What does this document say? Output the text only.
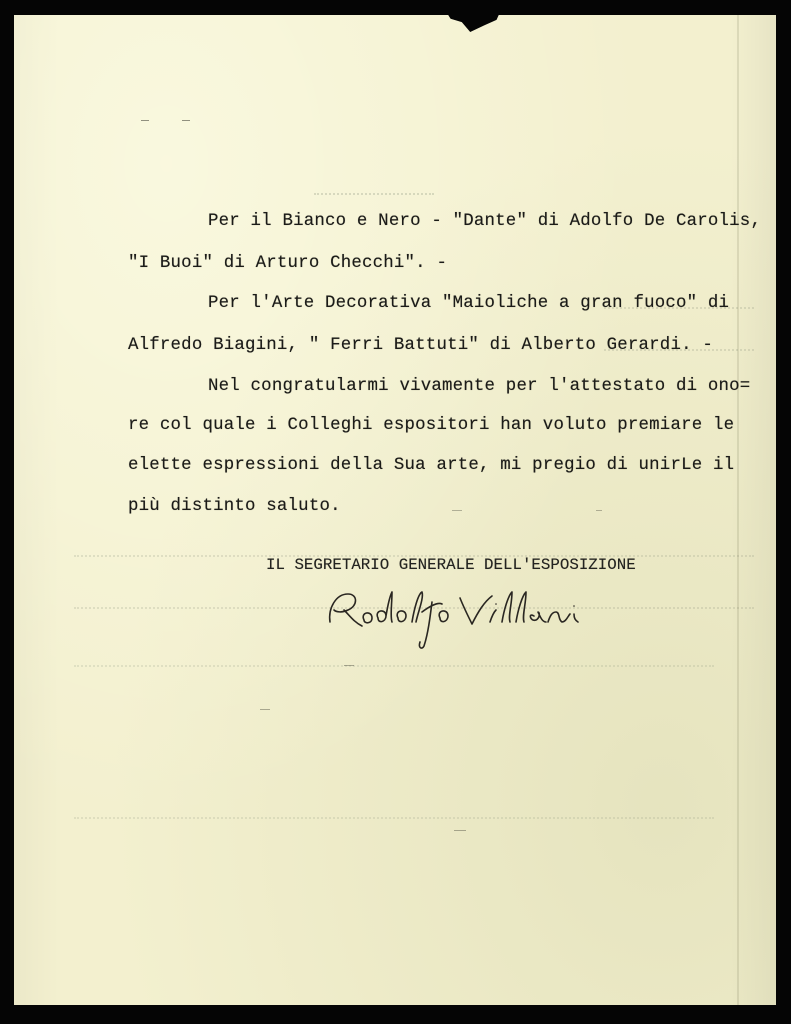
Per il Bianco e Nero - "Dante" di Adolfo De Carolis,
"I Buoi" di Arturo Checchi". -
Per l'Arte Decorativa "Maioliche a gran fuoco" di
Alfredo Biagini, " Ferri Battuti" di Alberto Gerardi. -
Nel congratularmi vivamente per l'attestato di ono=
re col quale i Colleghi espositori han voluto premiare le
elette espressioni della Sua arte, mi pregio di unirLe il
più distinto saluto.
IL SEGRETARIO GENERALE DELL'ESPOSIZIONE
